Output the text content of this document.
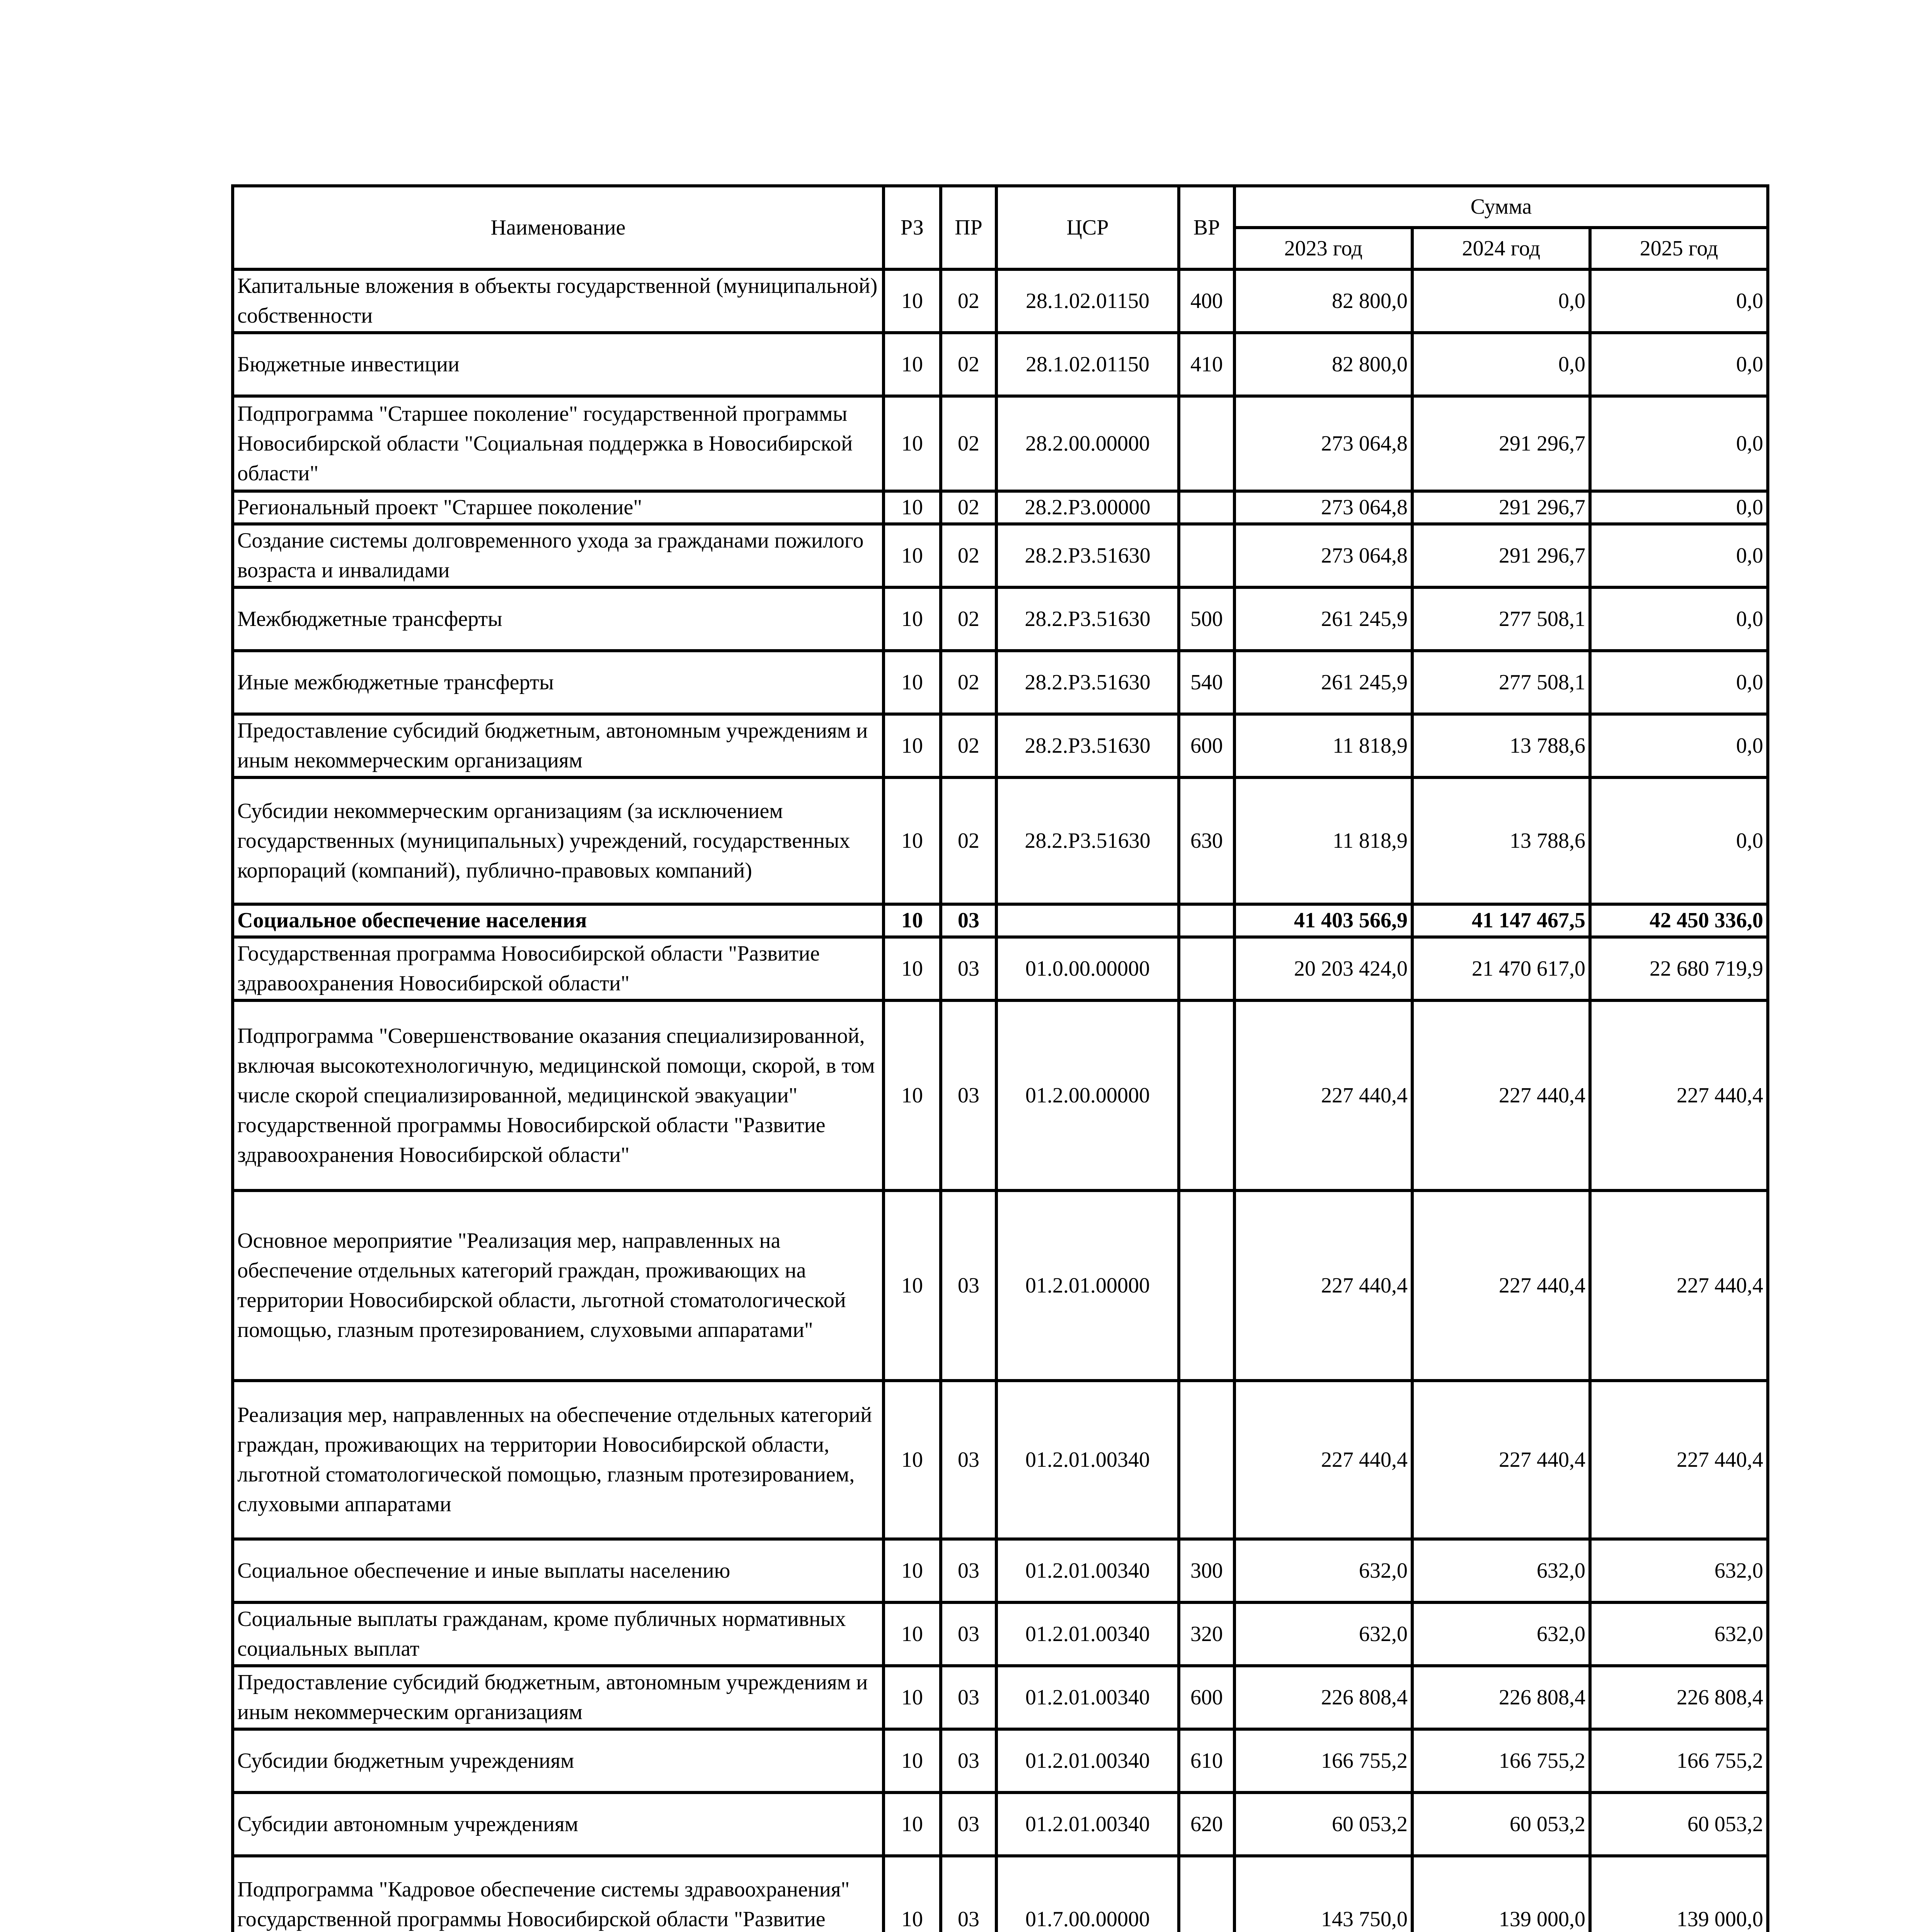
Наименование	РЗ	ПР	ЦСР	ВР	Сумма		
					2023 год	2024 год	2025 год
Капитальные вложения в объекты государственной (муниципальной) собственности	10	02	28.1.02.01150	400	82 800,0	0,0	0,0
Бюджетные инвестиции	10	02	28.1.02.01150	410	82 800,0	0,0	0,0
Подпрограмма "Старшее поколение" государственной программы Новосибирской области "Социальная поддержка в Новосибирской области"	10	02	28.2.00.00000		273 064,8	291 296,7	0,0
Региональный проект "Старшее поколение"	10	02	28.2.P3.00000		273 064,8	291 296,7	0,0
Создание системы долговременного ухода за гражданами пожилого возраста и инвалидами	10	02	28.2.P3.51630		273 064,8	291 296,7	0,0
Межбюджетные трансферты	10	02	28.2.P3.51630	500	261 245,9	277 508,1	0,0
Иные межбюджетные трансферты	10	02	28.2.P3.51630	540	261 245,9	277 508,1	0,0
Предоставление субсидий бюджетным, автономным учреждениям и иным некоммерческим организациям	10	02	28.2.P3.51630	600	11 818,9	13 788,6	0,0
Субсидии некоммерческим организациям (за исключением государственных (муниципальных) учреждений, государственных корпораций (компаний), публично-правовых компаний)	10	02	28.2.P3.51630	630	11 818,9	13 788,6	0,0
Социальное обеспечение населения	10	03			41 403 566,9	41 147 467,5	42 450 336,0
Государственная программа Новосибирской области "Развитие здравоохранения Новосибирской области"	10	03	01.0.00.00000		20 203 424,0	21 470 617,0	22 680 719,9
Подпрограмма "Совершенствование оказания специализированной, включая высокотехнологичную, медицинской помощи, скорой, в том числе скорой специализированной, медицинской эвакуации" государственной программы Новосибирской области "Развитие здравоохранения Новосибирской области"	10	03	01.2.00.00000		227 440,4	227 440,4	227 440,4
Основное мероприятие "Реализация мер, направленных на обеспечение отдельных категорий граждан, проживающих на территории Новосибирской области, льготной стоматологической помощью, глазным протезированием, слуховыми аппаратами"	10	03	01.2.01.00000		227 440,4	227 440,4	227 440,4
Реализация мер, направленных на обеспечение отдельных категорий граждан, проживающих на территории Новосибирской области, льготной стоматологической помощью, глазным протезированием, слуховыми аппаратами	10	03	01.2.01.00340		227 440,4	227 440,4	227 440,4
Социальное обеспечение и иные выплаты населению	10	03	01.2.01.00340	300	632,0	632,0	632,0
Социальные выплаты гражданам, кроме публичных нормативных социальных выплат	10	03	01.2.01.00340	320	632,0	632,0	632,0
Предоставление субсидий бюджетным, автономным учреждениям и иным некоммерческим организациям	10	03	01.2.01.00340	600	226 808,4	226 808,4	226 808,4
Субсидии бюджетным учреждениям	10	03	01.2.01.00340	610	166 755,2	166 755,2	166 755,2
Субсидии автономным учреждениям	10	03	01.2.01.00340	620	60 053,2	60 053,2	60 053,2
Подпрограмма "Кадровое обеспечение системы здравоохранения" государственной программы Новосибирской области "Развитие	10	03	01.7.00.00000		143 750,0	139 000,0	139 000,0
